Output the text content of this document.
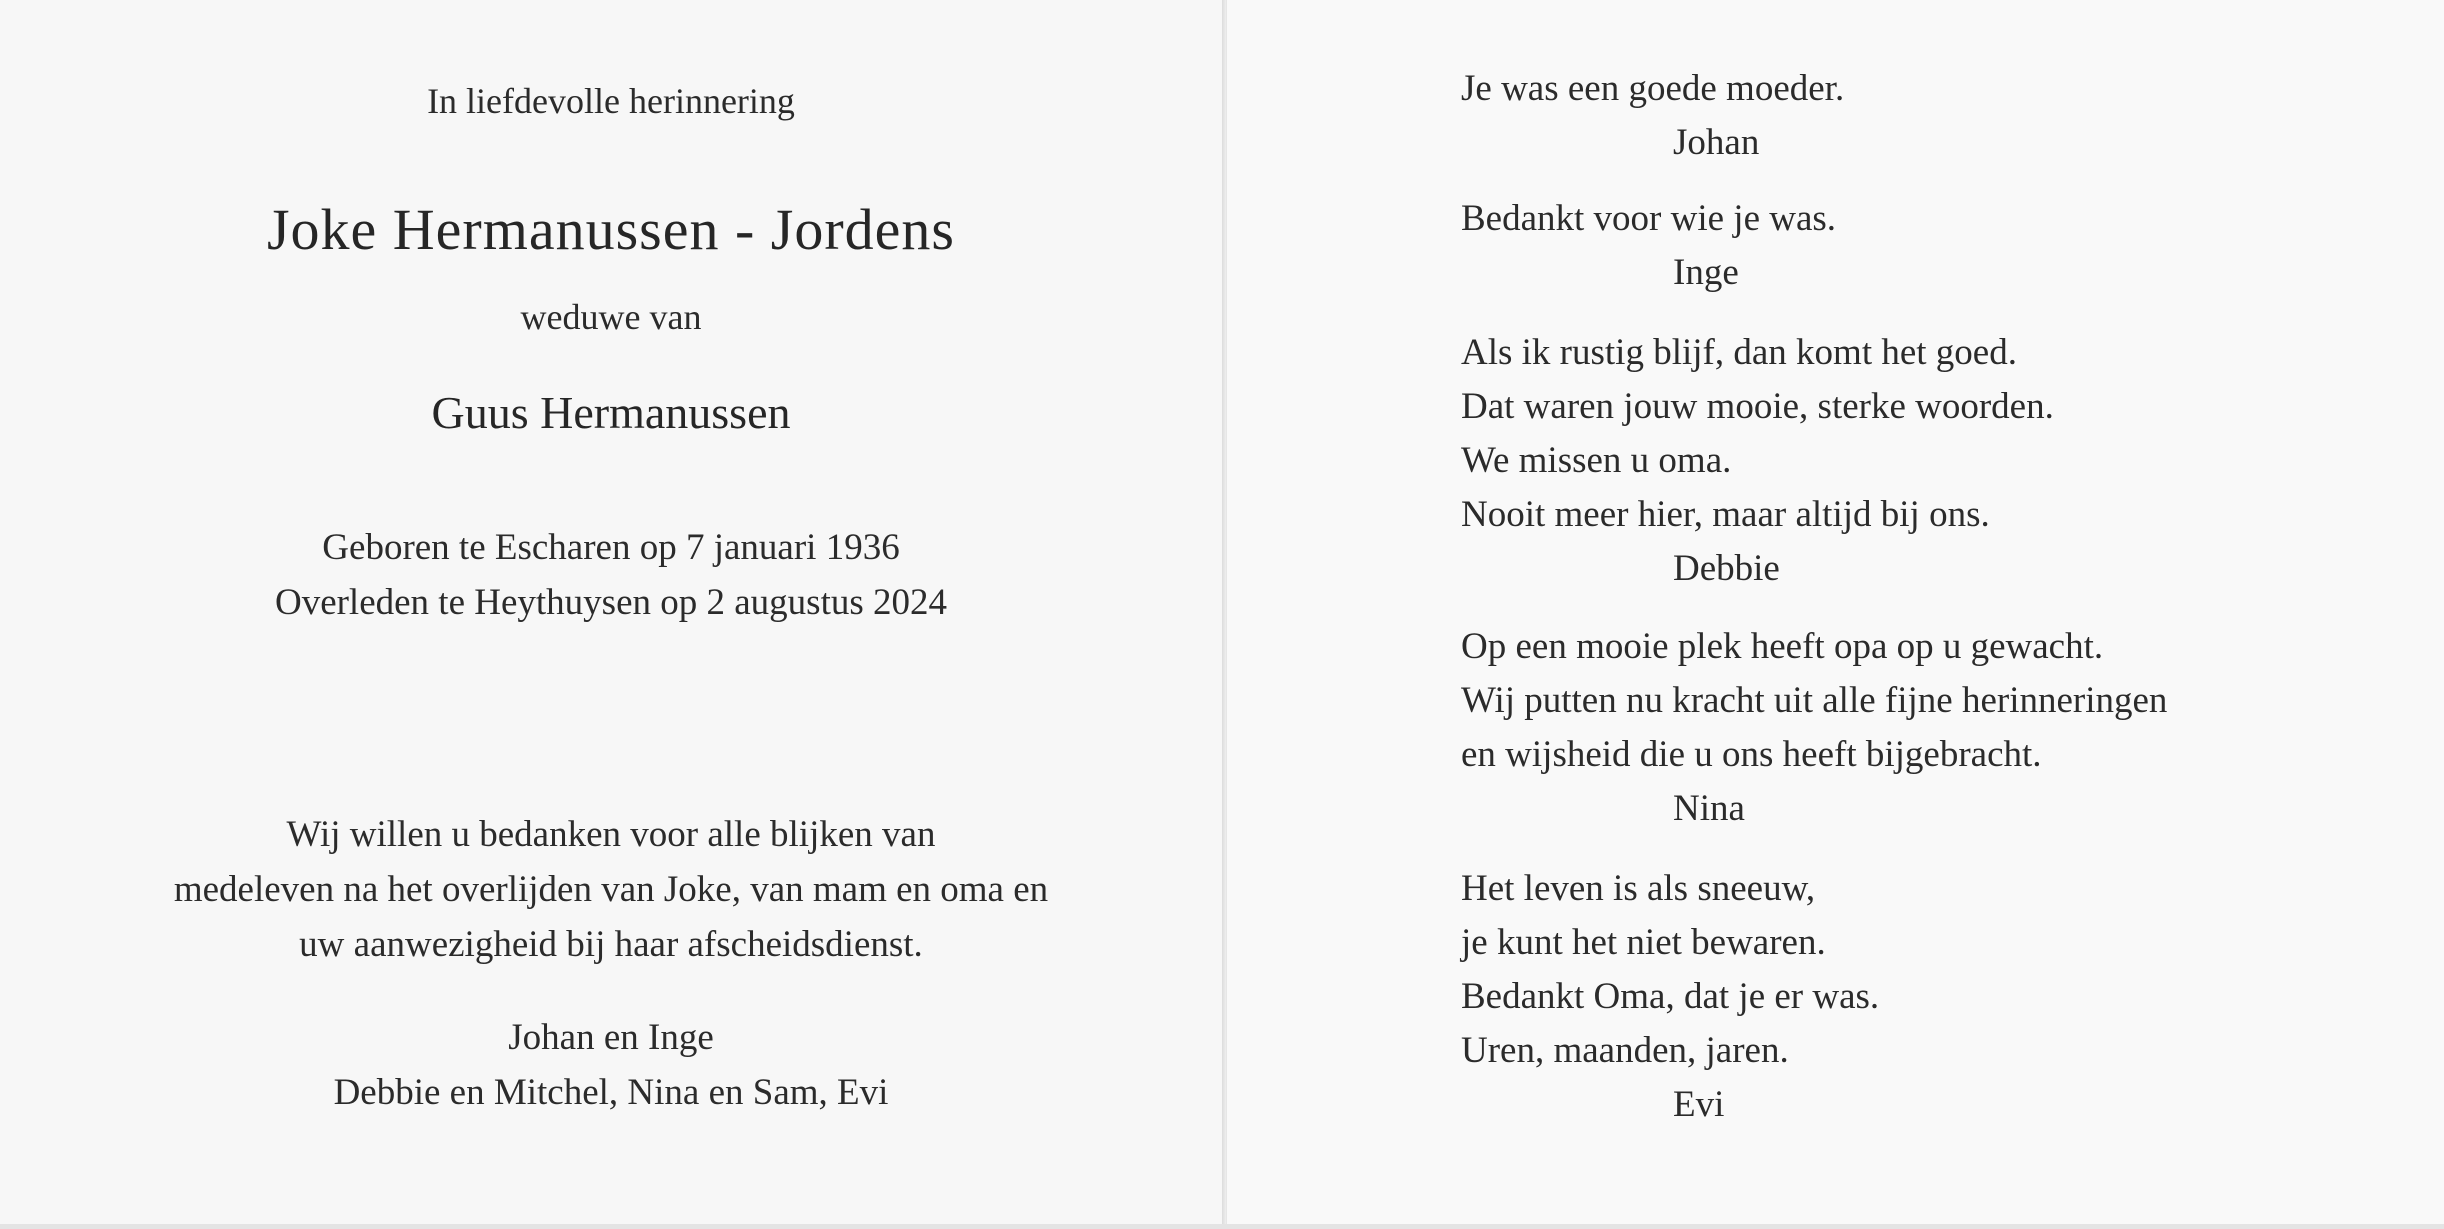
In liefdevolle herinnering
Joke Hermanussen - Jordens
weduwe van
Guus Hermanussen
Geboren te Escharen op 7 januari 1936
Overleden te Heythuysen op 2 augustus 2024
Wij willen u bedanken voor alle blijken van
medeleven na het overlijden van Joke, van mam en oma en
uw aanwezigheid bij haar afscheidsdienst.
Johan en Inge
Debbie en Mitchel, Nina en Sam, Evi
Je was een goede moeder.
Johan
Bedankt voor wie je was.
Inge
Als ik rustig blijf, dan komt het goed.
Dat waren jouw mooie, sterke woorden.
We missen u oma.
Nooit meer hier, maar altijd bij ons.
Debbie
Op een mooie plek heeft opa op u gewacht.
Wij putten nu kracht uit alle fijne herinneringen
en wijsheid die u ons heeft bijgebracht.
Nina
Het leven is als sneeuw,
je kunt het niet bewaren.
Bedankt Oma, dat je er was.
Uren, maanden, jaren.
Evi
